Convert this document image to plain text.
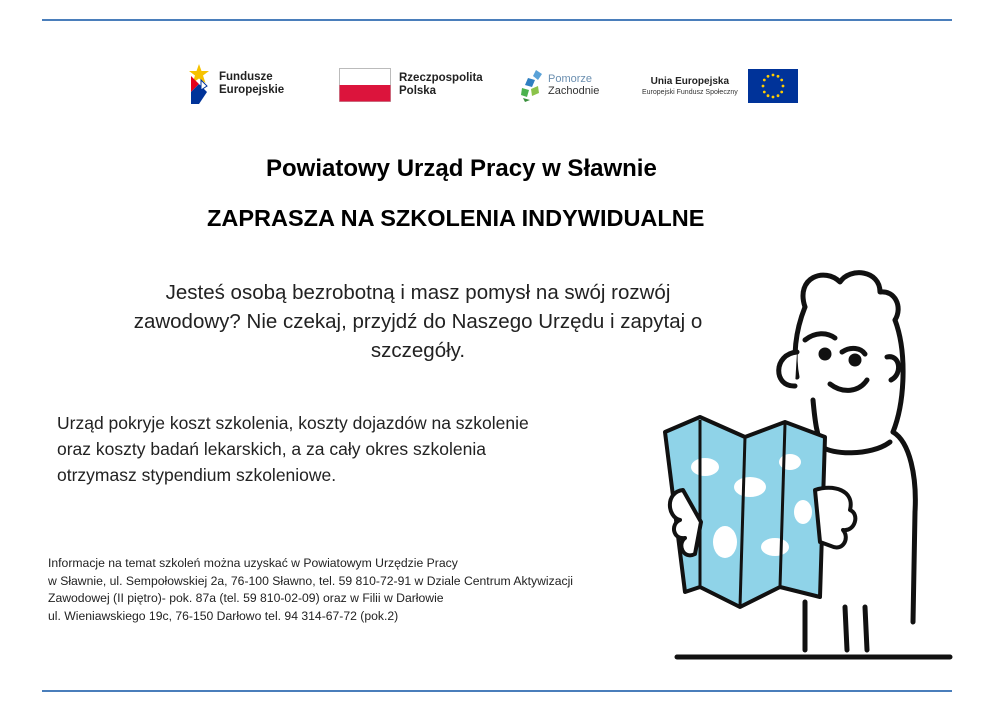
Fundusze
Europejskie
Rzeczpospolita
Polska
Pomorze
Zachodnie
Unia Europejska
Europejski Fundusz Społeczny
Powiatowy Urząd Pracy w Sławnie
ZAPRASZA NA SZKOLENIA INDYWIDUALNE
Jesteś osobą bezrobotną i masz pomysł na swój rozwój
zawodowy? Nie czekaj, przyjdź do Naszego Urzędu i zapytaj o
szczegóły.
Urząd pokryje koszt szkolenia, koszty dojazdów na szkolenie
oraz koszty badań lekarskich, a za cały okres szkolenia
otrzymasz stypendium szkoleniowe.
Informacje na temat szkoleń można uzyskać w Powiatowym Urzędzie Pracy
w Sławnie, ul. Sempołowskiej 2a, 76-100 Sławno, tel. 59 810-72-91 w Dziale Centrum Aktywizacji
Zawodowej (II piętro)- pok. 87a (tel. 59 810-02-09) oraz w Filii w Darłowie
ul. Wieniawskiego 19c, 76-150 Darłowo tel. 94 314-67-72 (pok.2)
